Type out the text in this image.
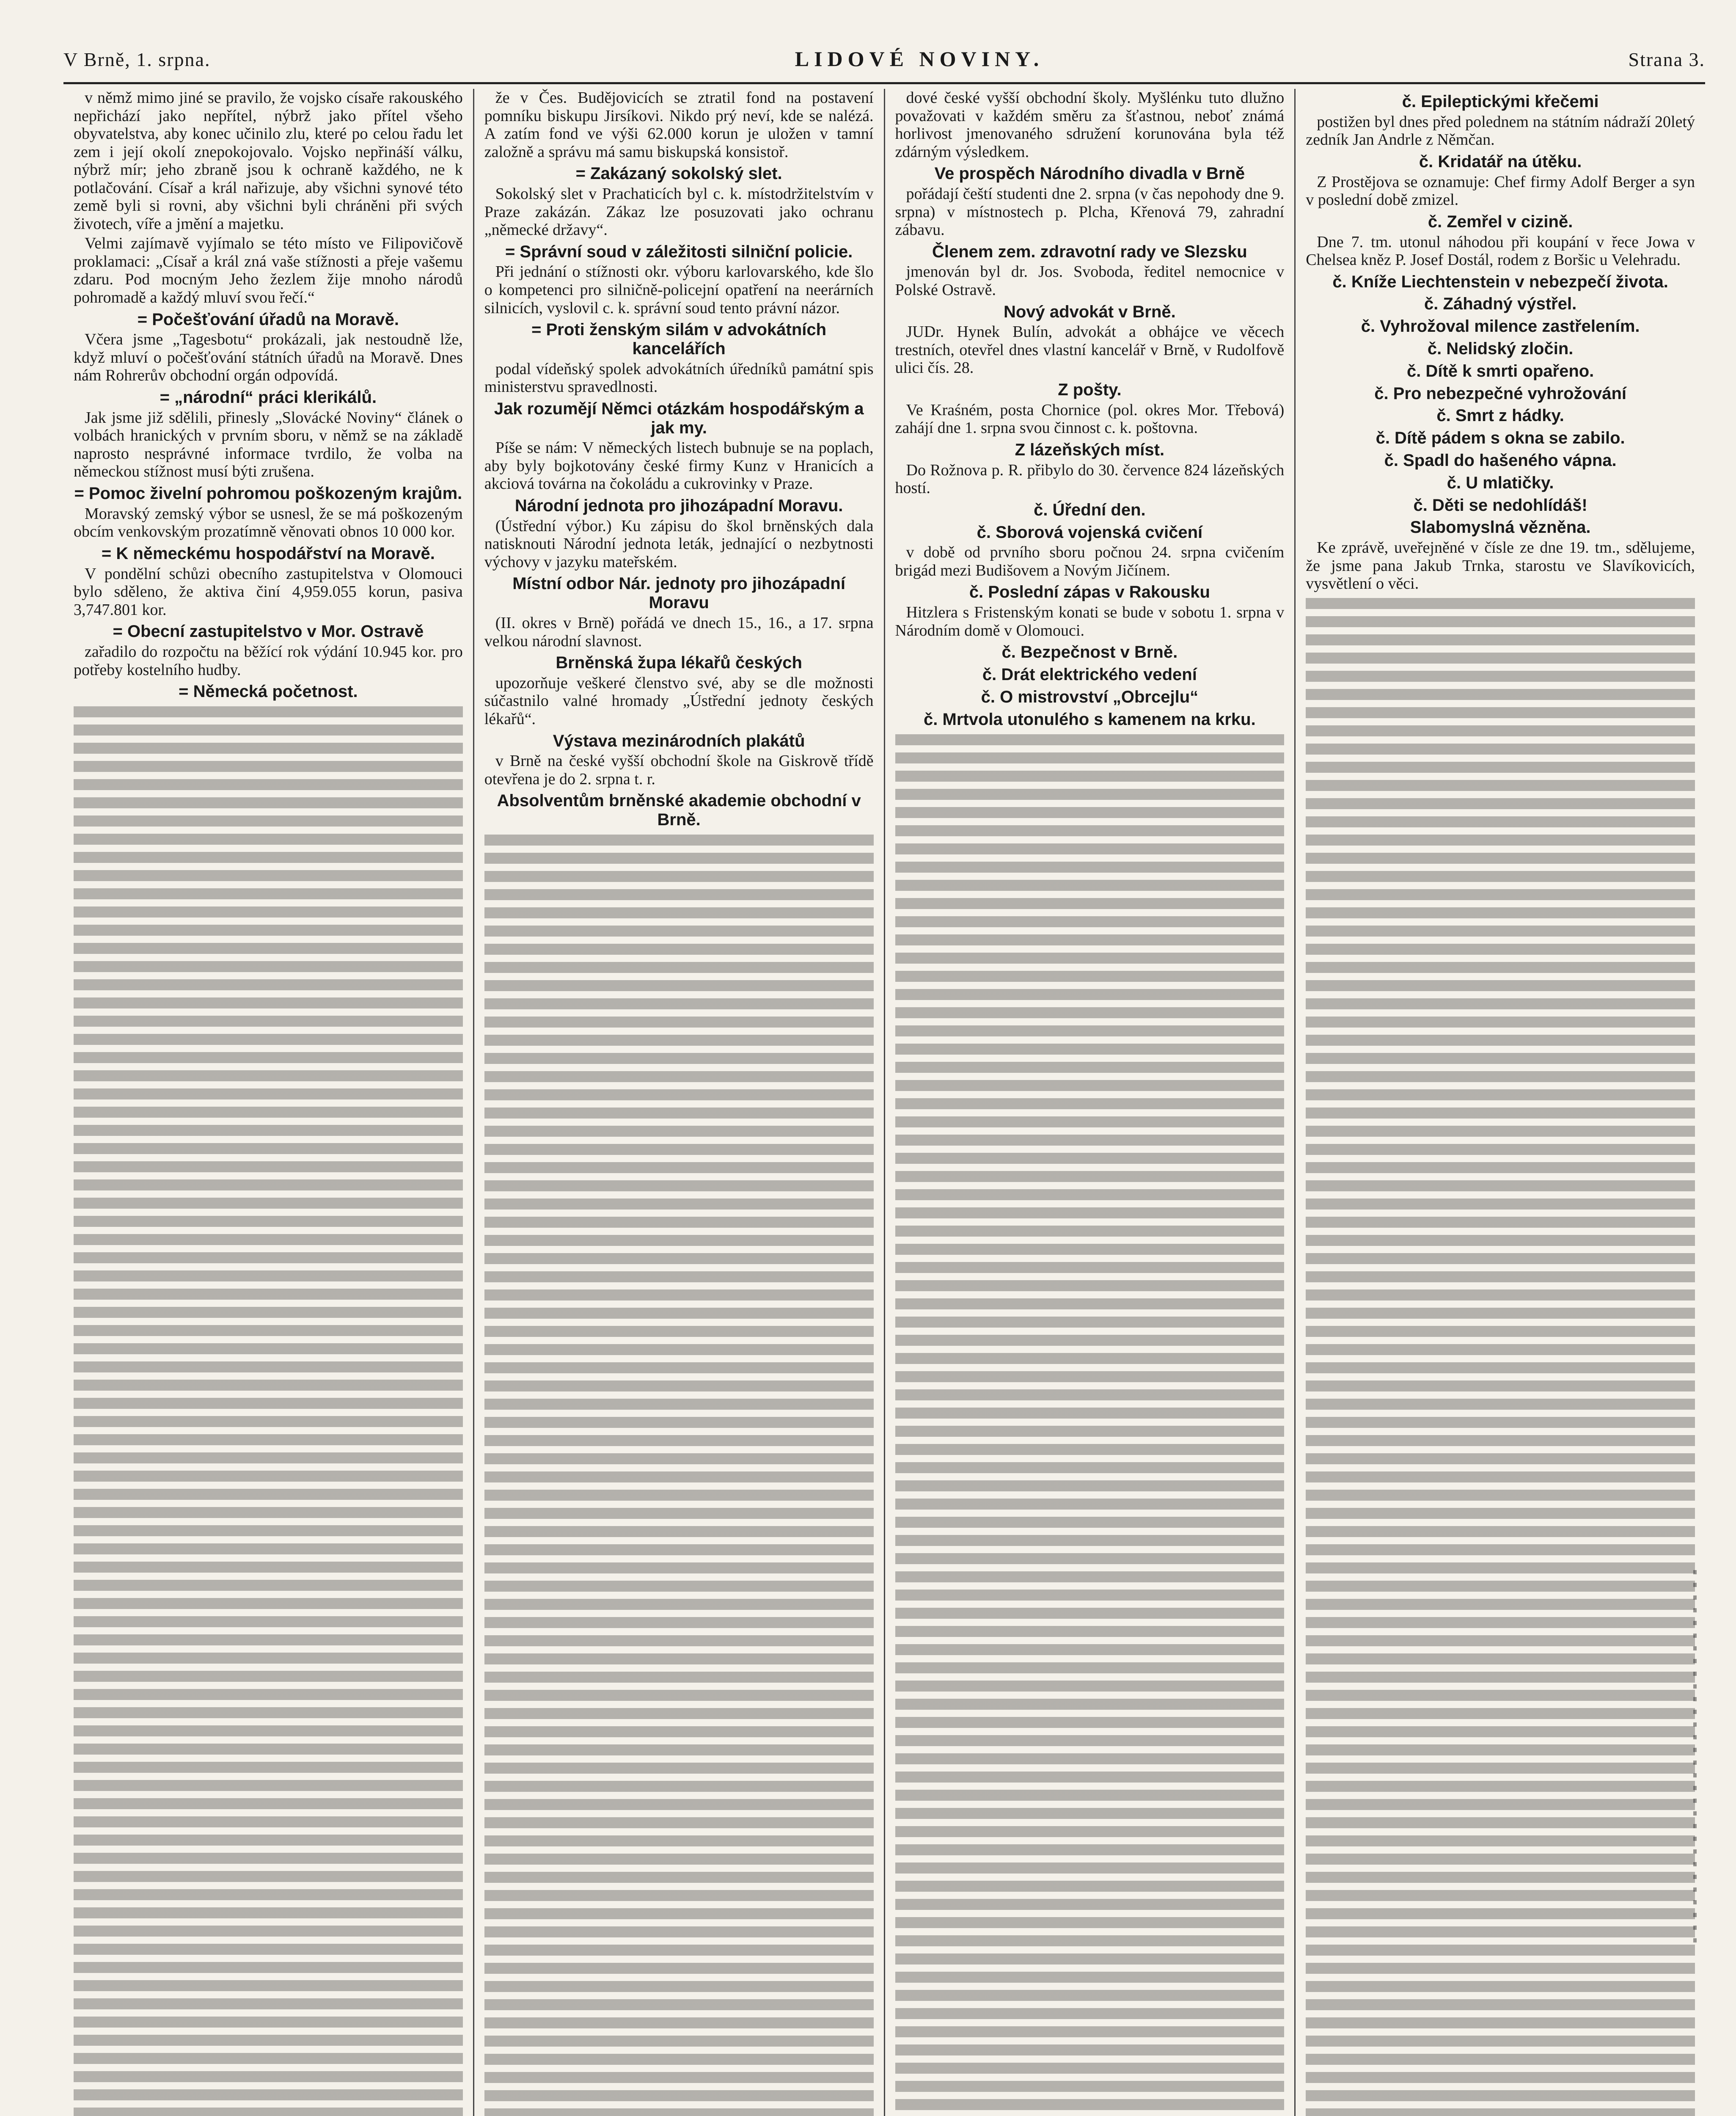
V Brně, 1. srpna.	LIDOVÉ NOVINY.	Strana 3.

v němž mimo jiné se pravilo, že vojsko císaře rakouského nepřichází jako nepřítel, nýbrž jako přítel všeho obyvatelstva, aby konec učinilo zlu, které po celou řadu let zem i její okolí znepokojovalo. Vojsko nepřináší válku, nýbrž mír; jeho zbraně jsou k ochraně každého, ne k potlačování. Císař a král nařizuje, aby všichni synové této země byli si rovni, aby všichni byli chráněni při svých životech, víře a jmění a majetku.

Velmi zajímavě vyjímalo se této místo ve Filipovičově proklamaci: „Císař a král zná vaše stížnosti a přeje vašemu zdaru. Pod mocným Jeho žezlem žije mnoho národů pohromadě a každý mluví svou řečí.“

= Počešťování úřadů na Moravě.

Včera jsme „Tagesbotu“ prokázali, jak nestoudně lže, když mluví o počešťování státních úřadů na Moravě. Dnes nám Rohrerův obchodní orgán odpovídá.

= „národní“ práci klerikálů.

Jak jsme již sdělili, přinesly „Slovácké Noviny“ článek o volbách hranických v prvním sboru, v němž se na základě naprosto nesprávné informace tvrdilo, že volba na německou stížnost musí býti zrušena.

= Pomoc živelní pohromou poškozeným krajům.

Moravský zemský výbor se usnesl, že se má poškozeným obcím venkovským prozatímně věnovati obnos 10 000 kor.

= K německému hospodářství na Moravě.

V pondělní schůzi obecního zastupitelstva v Olomouci bylo sděleno, že aktiva činí 4,959.055 korun, pasiva 3,747.801 kor.

= Obecní zastupitelstvo v Mor. Ostravě

zařadilo do rozpočtu na běžící rok výdání 10.945 kor. pro potřeby kostelního hudby.

= Německá početnost.

že v Čes. Budějovicích se ztratil fond na postavení pomníku biskupu Jirsíkovi. Nikdo prý neví, kde se nalézá. A zatím fond ve výši 62.000 korun je uložen v tamní založně a správu má samu biskupská konsistoř.

= Zakázaný sokolský slet.

Sokolský slet v Prachaticích byl c. k. místodržitelstvím v Praze zakázán. Zákaz lze posuzovati jako ochranu „německé državy“.

= Správní soud v záležitosti silniční policie.

Při jednání o stížnosti okr. výboru karlovarského, kde šlo o kompetenci pro silničně-policejní opatření na neerárních silnicích, vyslovil c. k. správní soud tento právní názor.

= Proti ženským silám v advokátních kancelářích

podal vídeňský spolek advokátních úředníků památní spis ministerstvu spravedlnosti.

Jak rozumějí Němci otázkám hospodářským a jak my.

Píše se nám: V německých listech bubnuje se na poplach, aby byly bojkotovány české firmy Kunz v Hranicích a akciová továrna na čokoládu a cukrovinky v Praze.

Národní jednota pro jihozápadní Moravu.

(Ústřední výbor.) Ku zápisu do škol brněnských dala natisknouti Národní jednota leták, jednající o nezbytnosti výchovy v jazyku mateřském.

Místní odbor Nár. jednoty pro jihozápadní Moravu

(II. okres v Brně) pořádá ve dnech 15., 16., a 17. srpna velkou národní slavnost.

Brněnská župa lékařů českých

upozorňuje veškeré členstvo své, aby se dle možnosti súčastnilo valné hromady „Ústřední jednoty českých lékařů“.

Výstava mezinárodních plakátů

v Brně na české vyšší obchodní škole na Giskrově třídě otevřena je do 2. srpna t. r.

Absolventům brněnské akademie obchodní v Brně.

dové české vyšší obchodní školy. Myšlénku tuto dlužno považovati v každém směru za šťastnou, neboť známá horlivost jmenovaného sdružení korunována byla též zdárným výsledkem.

Ve prospěch Národního divadla v Brně

pořádají čeští studenti dne 2. srpna (v čas nepohody dne 9. srpna) v místnostech p. Plcha, Křenová 79, zahradní zábavu.

Členem zem. zdravotní rady ve Slezsku

jmenován byl dr. Jos. Svoboda, ředitel nemocnice v Polské Ostravě.

Nový advokát v Brně.

JUDr. Hynek Bulín, advokát a obhájce ve věcech trestních, otevřel dnes vlastní kancelář v Brně, v Rudolfově ulici čís. 28.

Z pošty.

Ve Kraśném, posta Chornice (pol. okres Mor. Třebová) zahájí dne 1. srpna svou činnost c. k. poštovna.

Z lázeňských míst.

Do Rožnova p. R. přibylo do 30. července 824 lázeňských hostí.

č. Úřední den.

č. Sborová vojenská cvičení

v době od prvního sboru počnou 24. srpna cvičením brigád mezi Budišovem a Novým Jičínem.

č. Poslední zápas v Rakousku

Hitzlera s Fristenským konati se bude v sobotu 1. srpna v Národním domě v Olomouci.

č. Bezpečnost v Brně.

č. Drát elektrického vedení

č. O mistrovství „Obrcejlu“

č. Mrtvola utonulého s kamenem na krku.

č. Epileptickými křečemi

postižen byl dnes před polednem na státním nádraží 20letý zedník Jan Andrle z Němčan.

č. Kridatář na útěku.

Z Prostějova se oznamuje: Chef firmy Adolf Berger a syn v poslední době zmizel.

č. Zemřel v cizině.

Dne 7. tm. utonul náhodou při koupání v řece Jowa v Chelsea kněz P. Josef Dostál, rodem z Boršic u Velehradu.

č. Kníže Liechtenstein v nebezpečí života.

č. Záhadný výstřel.

č. Vyhrožoval milence zastřelením.

č. Nelidský zločin.

č. Dítě k smrti opařeno.

č. Pro nebezpečné vyhrožování

č. Smrt z hádky.

č. Dítě pádem s okna se zabilo.

č. Spadl do hašeného vápna.

č. U mlatičky.

č. Děti se nedohlídáš!

Slabomyslná vězněna.

Ke zprávě, uveřejněné v čísle ze dne 19. tm., sdělujeme, že jsme pana Jakub Trnka, starostu ve Slavíkovicích, vysvětlení o věci.
